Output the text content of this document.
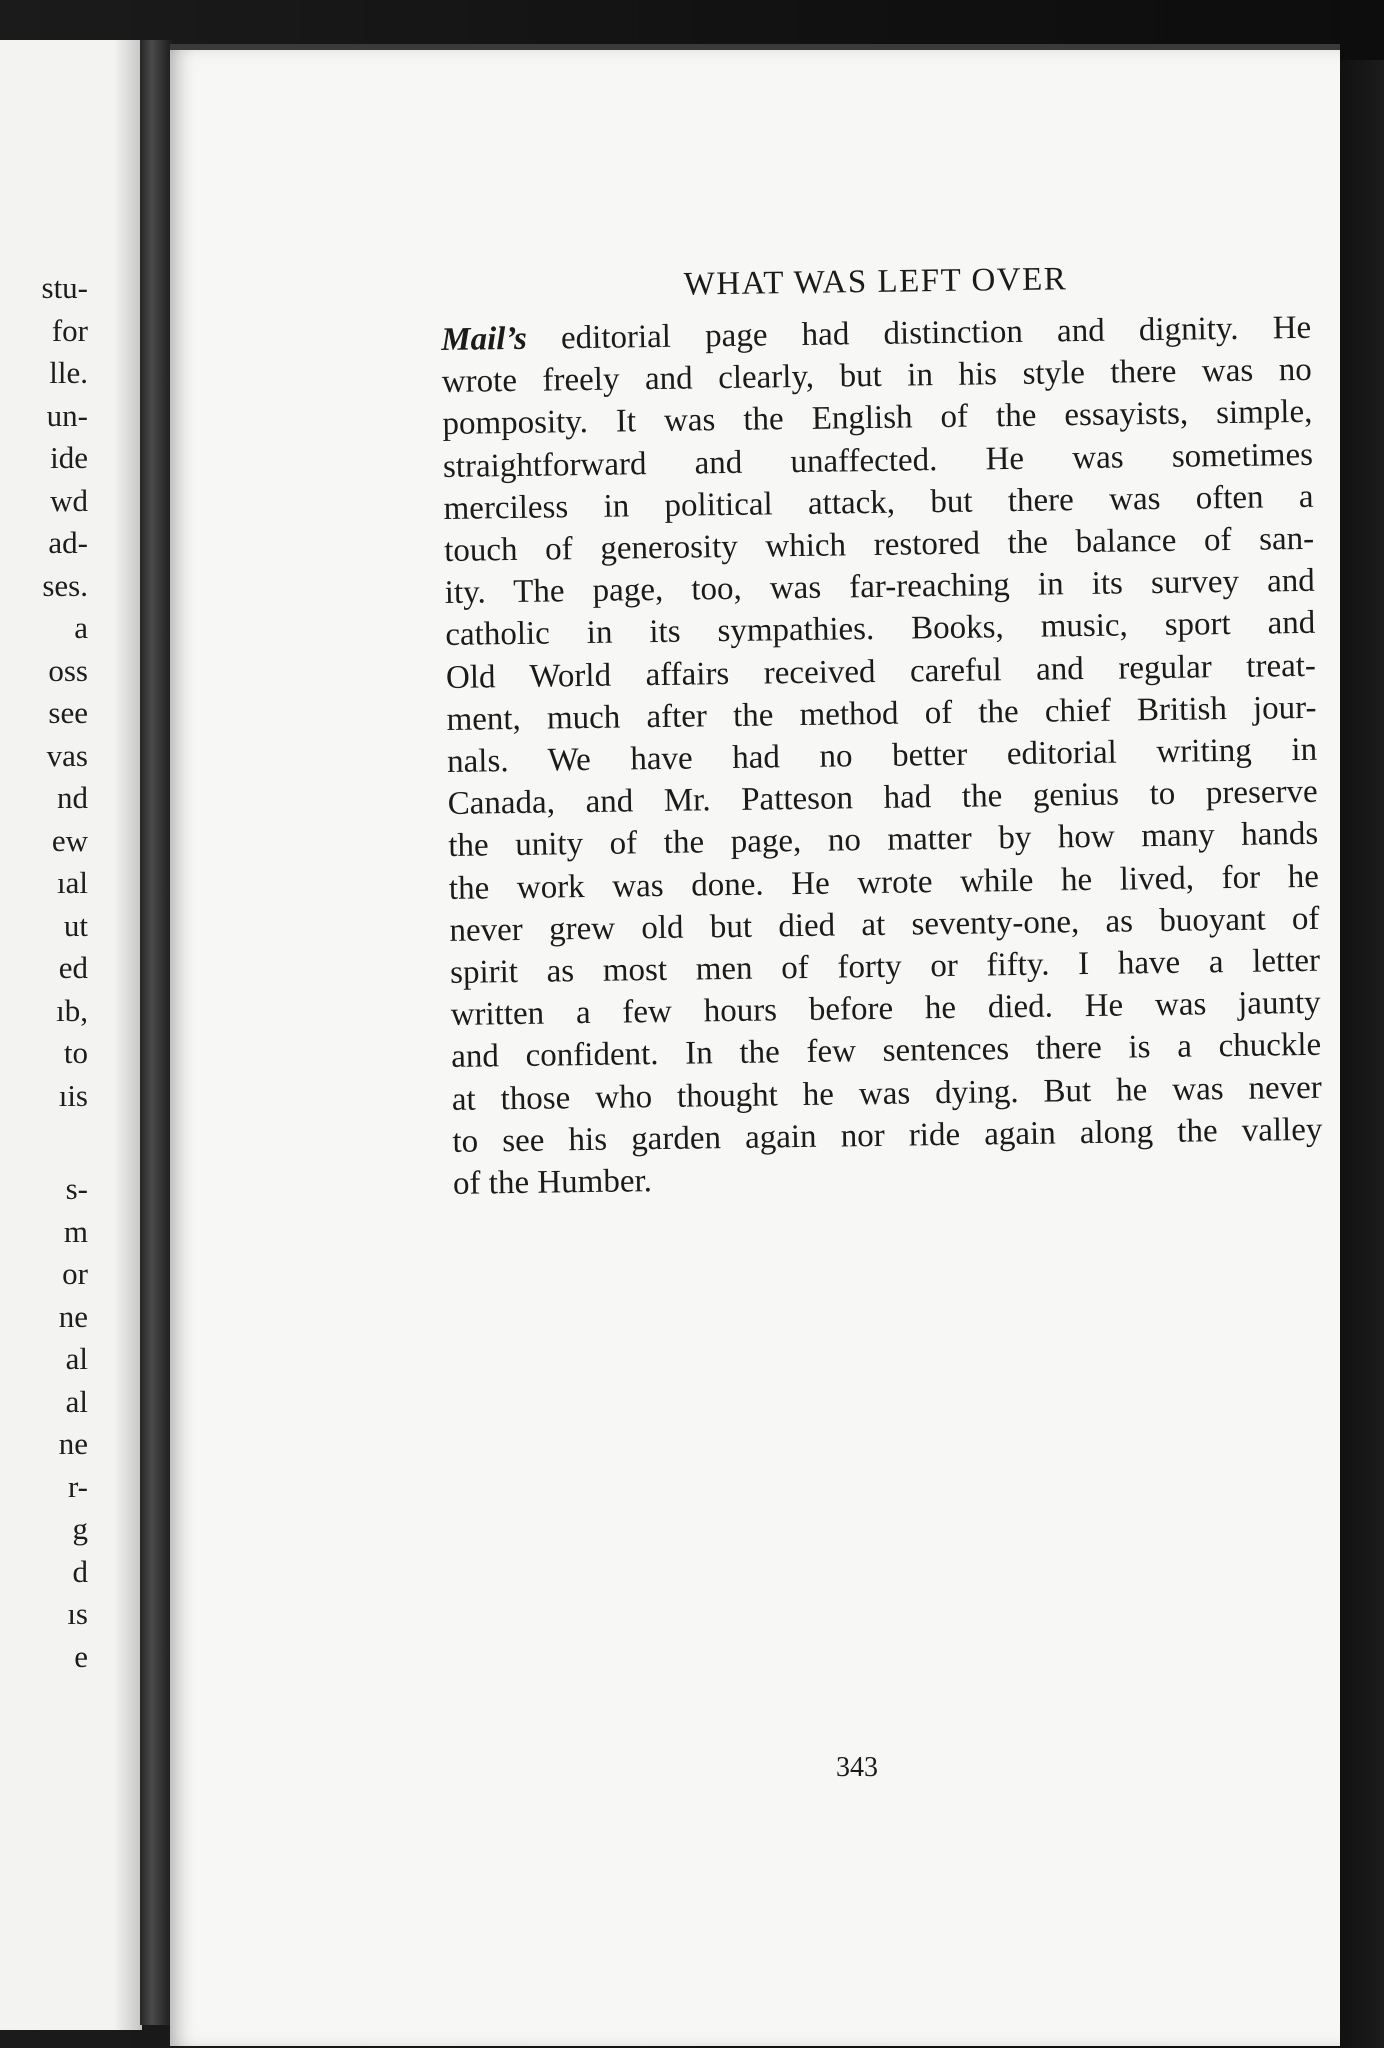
stu-

for

lle.

un-

ide

wd

ad-

ses.

a

oss

see

vas

nd

ew

ıal

ut

ed

ıb,

to

ıis

s-

m

or

ne

al

al

ne

r-

g

d

ıs

e

WHAT WAS LEFT OVER
Mail’s editorial page had distinction and dignity. He
wrote freely and clearly, but in his style there was no
pomposity. It was the English of the essayists, simple,
straightforward and unaffected. He was sometimes
merciless in political attack, but there was often a
touch of generosity which restored the balance of san-
ity. The page, too, was far-reaching in its survey and
catholic in its sympathies. Books, music, sport and
Old World affairs received careful and regular treat-
ment, much after the method of the chief British jour-
nals. We have had no better editorial writing in
Canada, and Mr. Patteson had the genius to preserve
the unity of the page, no matter by how many hands
the work was done. He wrote while he lived, for he
never grew old but died at seventy-one, as buoyant of
spirit as most men of forty or fifty. I have a letter
written a few hours before he died. He was jaunty
and confident. In the few sentences there is a chuckle
at those who thought he was dying. But he was never
to see his garden again nor ride again along the valley
of the Humber.
343
